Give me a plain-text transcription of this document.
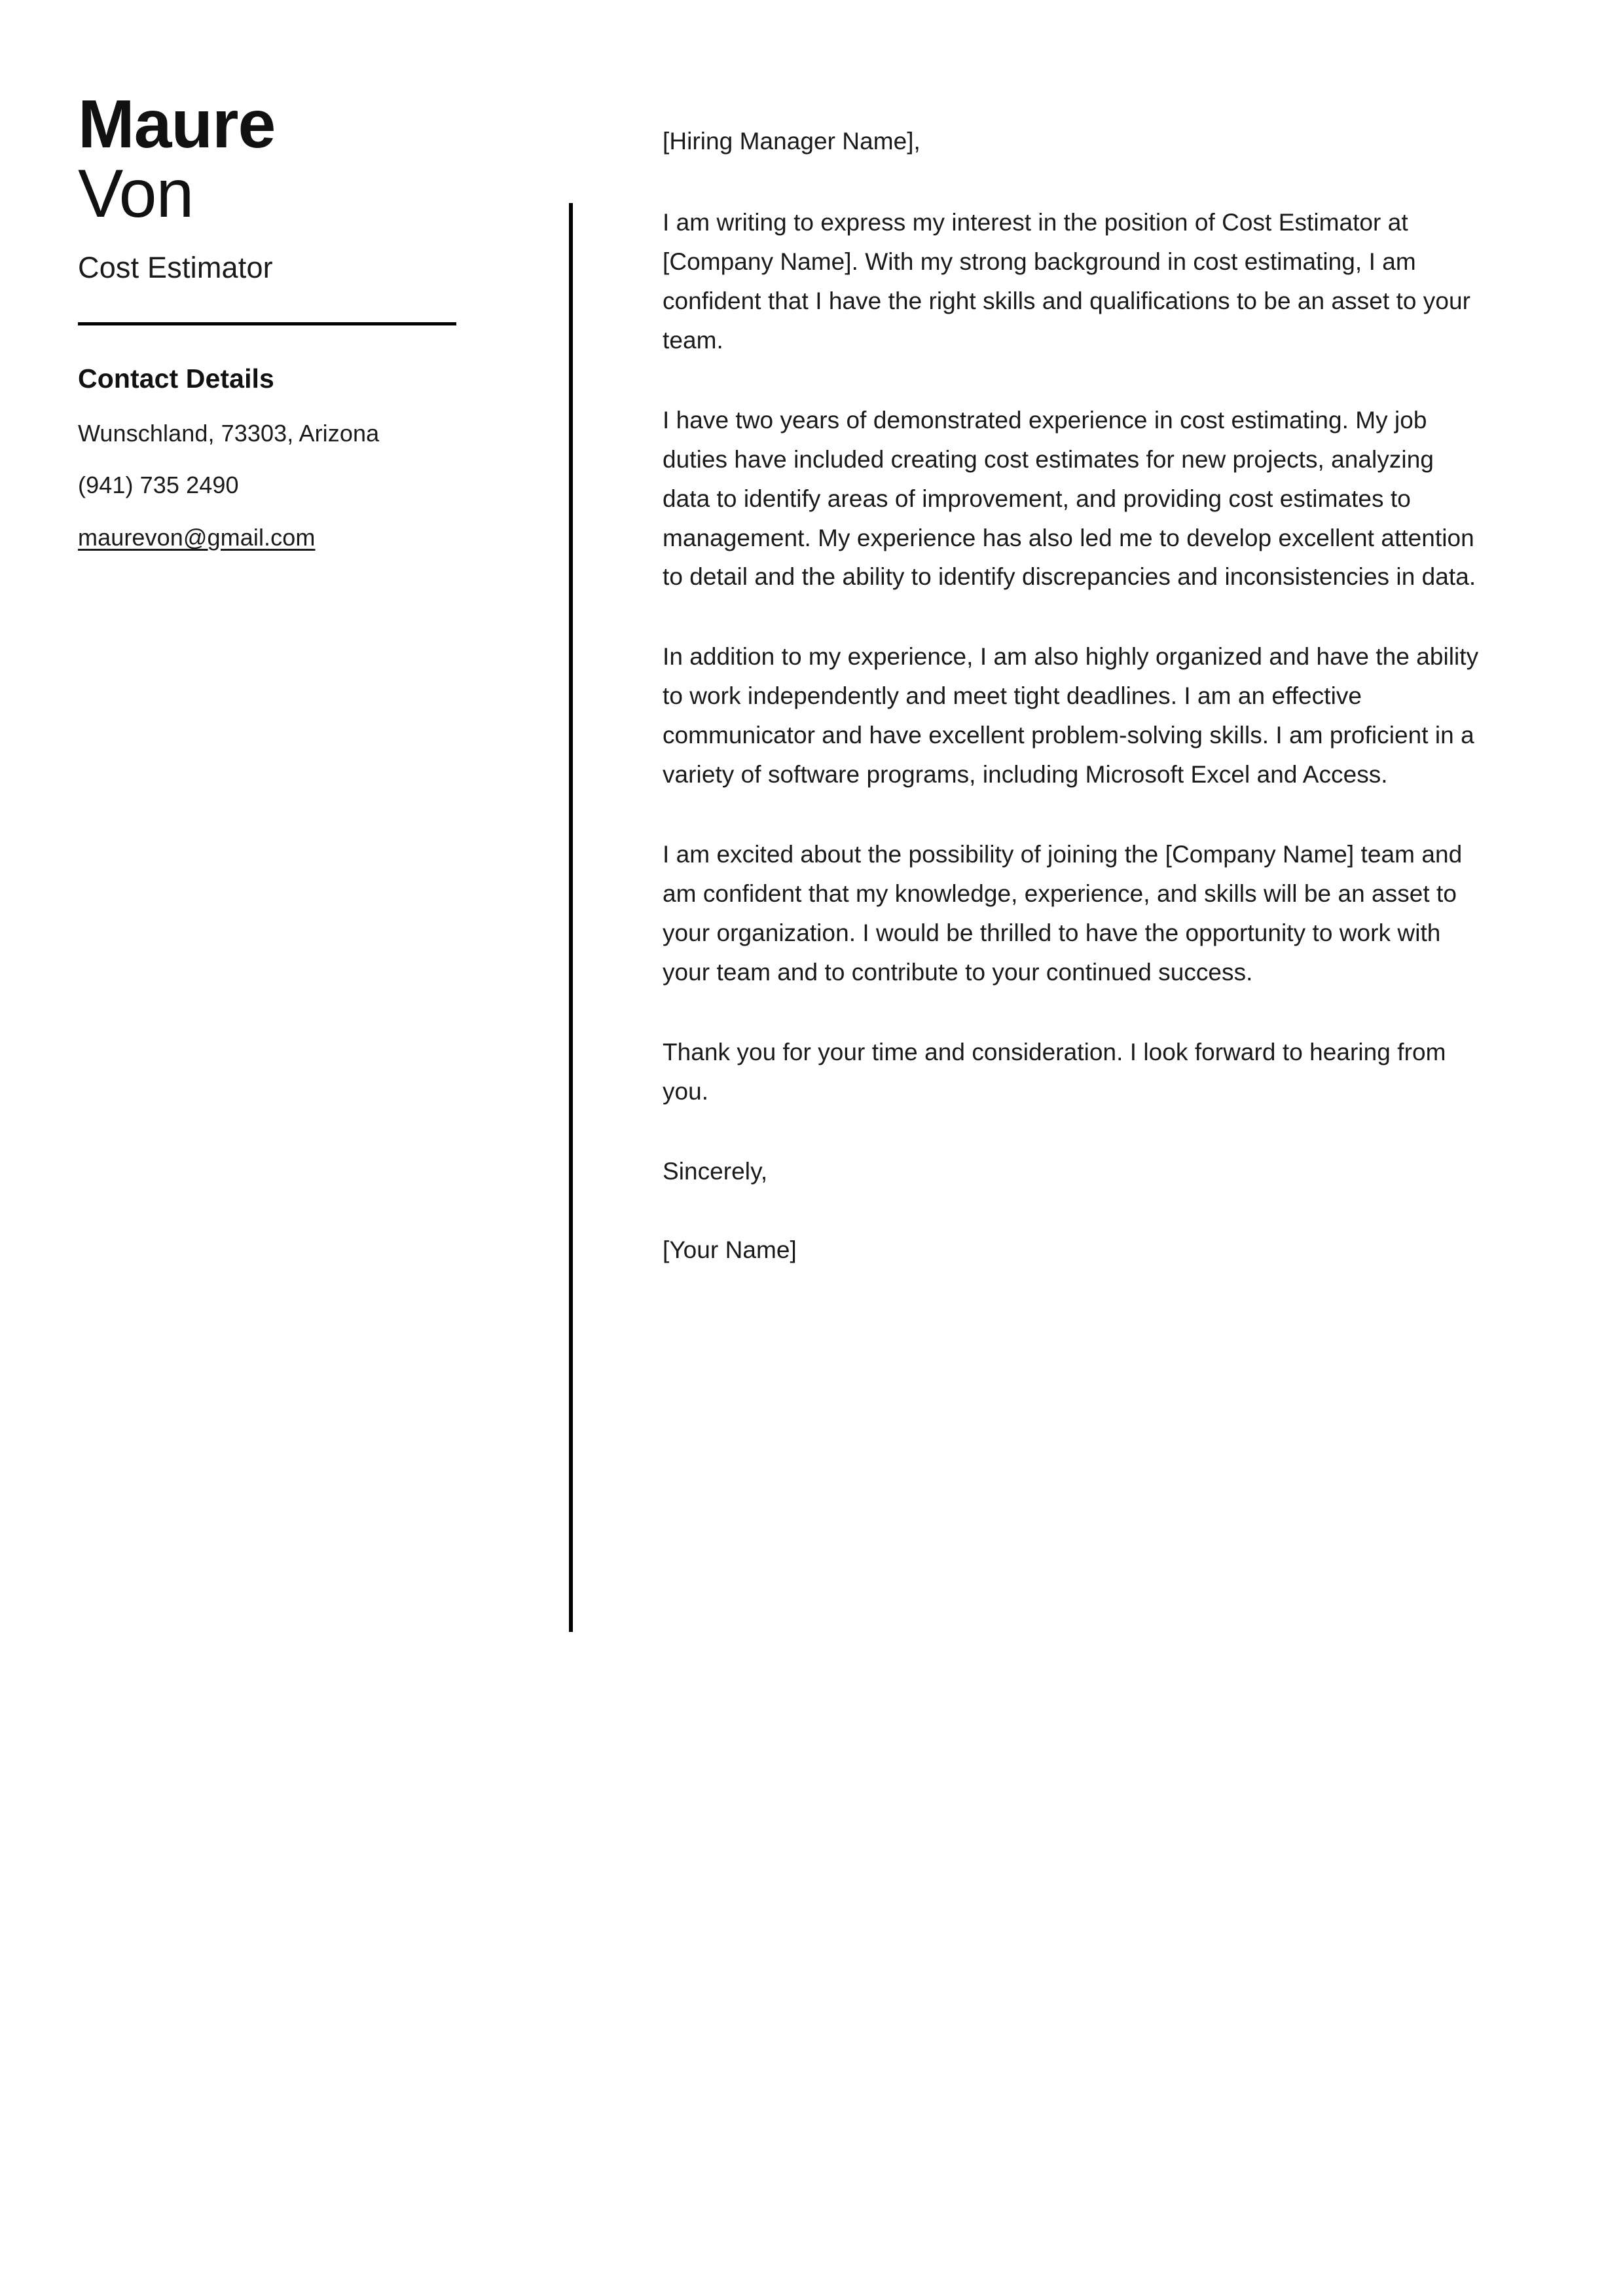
Maure
Von
Cost Estimator
Contact Details
Wunschland, 73303, Arizona
(941) 735 2490
maurevon@gmail.com
[Hiring Manager Name],
I am writing to express my interest in the position of Cost Estimator at [Company Name]. With my strong background in cost estimating, I am confident that I have the right skills and qualifications to be an asset to your team.
I have two years of demonstrated experience in cost estimating. My job duties have included creating cost estimates for new projects, analyzing data to identify areas of improvement, and providing cost estimates to management. My experience has also led me to develop excellent attention to detail and the ability to identify discrepancies and inconsistencies in data.
In addition to my experience, I am also highly organized and have the ability to work independently and meet tight deadlines. I am an effective communicator and have excellent problem-solving skills. I am proficient in a variety of software programs, including Microsoft Excel and Access.
I am excited about the possibility of joining the [Company Name] team and am confident that my knowledge, experience, and skills will be an asset to your organization. I would be thrilled to have the opportunity to work with your team and to contribute to your continued success.
Thank you for your time and consideration. I look forward to hearing from you.
Sincerely,
[Your Name]
